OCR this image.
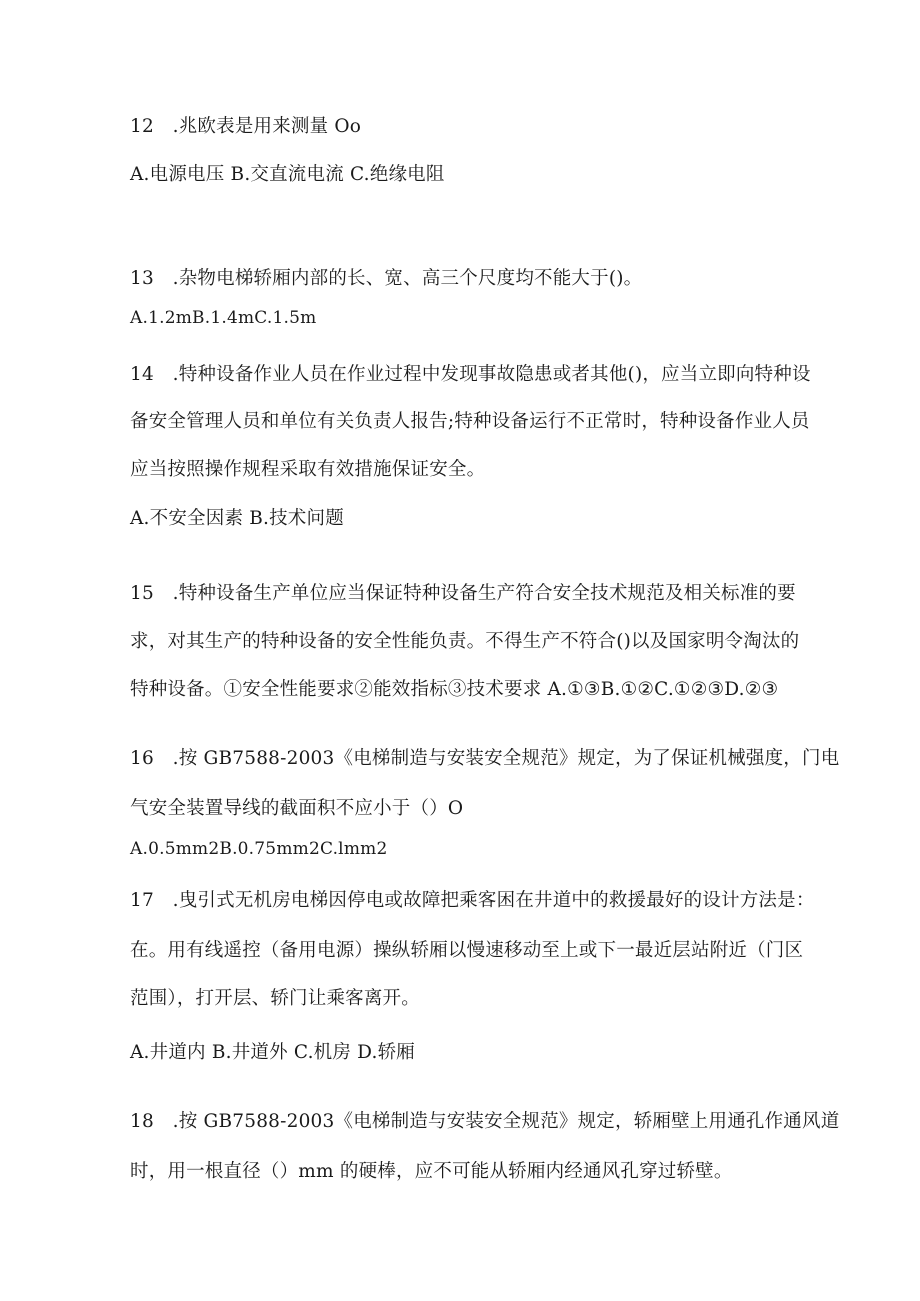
12　.兆欧表是用来测量 Oo
A.电源电压 B.交直流电流 C.绝缘电阻
13　.杂物电梯轿厢内部的长、宽、高三个尺度均不能大于()。
A.1.2mB.1.4mC.1.5m
14　.特种设备作业人员在作业过程中发现事故隐患或者其他()，应当立即向特种设
备安全管理人员和单位有关负责人报告;特种设备运行不正常时，特种设备作业人员
应当按照操作规程采取有效措施保证安全。
A.不安全因素 B.技术问题
15　.特种设备生产单位应当保证特种设备生产符合安全技术规范及相关标准的要
求，对其生产的特种设备的安全性能负责。不得生产不符合()以及国家明令淘汰的
特种设备。①安全性能要求②能效指标③技术要求 A.①③B.①②C.①②③D.②③
16　.按 GB7588-2003《电梯制造与安装安全规范》规定，为了保证机械强度，门电
气安全装置导线的截面积不应小于（）O
A.0.5mm2B.0.75mm2C.lmm2
17　.曳引式无机房电梯因停电或故障把乘客困在井道中的救援最好的设计方法是：
在。用有线遥控（备用电源）操纵轿厢以慢速移动至上或下一最近层站附近（门区
范围），打开层、轿门让乘客离开。
A.井道内 B.井道外 C.机房 D.轿厢
18　.按 GB7588-2003《电梯制造与安装安全规范》规定，轿厢壁上用通孔作通风道
时，用一根直径（）mm 的硬棒，应不可能从轿厢内经通风孔穿过轿壁。
